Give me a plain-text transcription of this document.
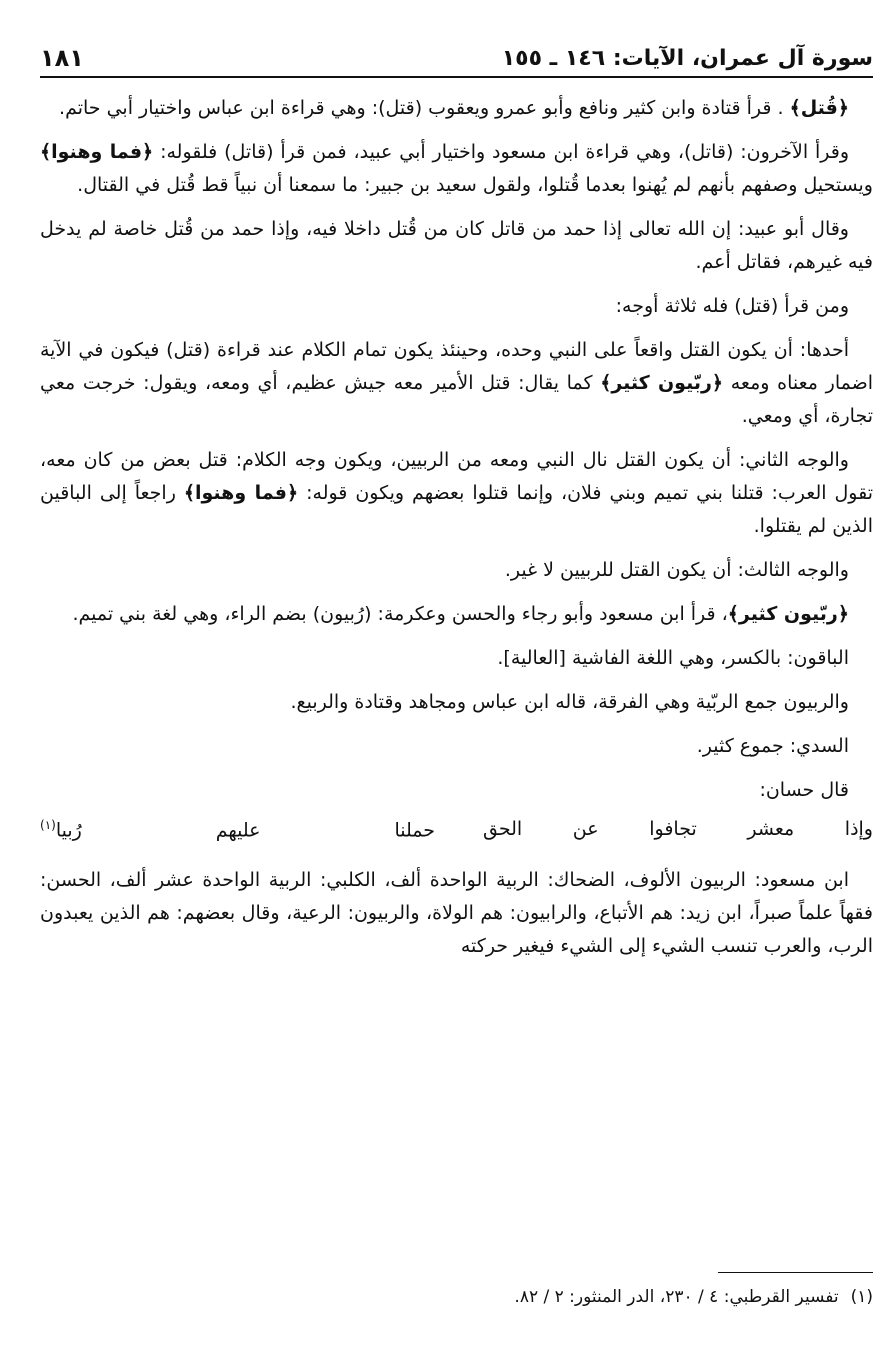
سورة آل عمران، الآيات: ١٤٦ ـ ١٥٥
١٨١

﴿قُتل﴾ . قرأ قتادة وابن كثير ونافع وأبو عمرو ويعقوب (قتل): وهي قراءة ابن عباس واختيار أبي حاتم.

وقرأ الآخرون: (قاتل)، وهي قراءة ابن مسعود واختيار أبي عبيد، فمن قرأ (قاتل) فلقوله: ﴿فما وهنوا﴾ ويستحيل وصفهم بأنهم لم يُهنوا بعدما قُتلوا، ولقول سعيد بن جبير: ما سمعنا أن نبياً قط قُتل في القتال.

وقال أبو عبيد: إن الله تعالى إذا حمد من قاتل كان من قُتل داخلا فيه، وإذا حمد من قُتل خاصة لم يدخل فيه غيرهم، فقاتل أعم.

ومن قرأ (قتل) فله ثلاثة أوجه:

أحدها: أن يكون القتل واقعاً على النبي وحده، وحينئذ يكون تمام الكلام عند قراءة (قتل) فيكون في الآية اضمار معناه ومعه ﴿ربّيون كثير﴾ كما يقال: قتل الأمير معه جيش عظيم، أي ومعه، ويقول: خرجت معي تجارة، أي ومعي.

والوجه الثاني: أن يكون القتل نال النبي ومعه من الربيين، ويكون وجه الكلام: قتل بعض من كان معه، تقول العرب: قتلنا بني تميم وبني فلان، وإنما قتلوا بعضهم ويكون قوله: ﴿فما وهنوا﴾ راجعاً إلى الباقين الذين لم يقتلوا.

والوجه الثالث: أن يكون القتل للربيين لا غير.

﴿ربّيون كثير﴾، قرأ ابن مسعود وأبو رجاء والحسن وعكرمة: (رُبيون) بضم الراء، وهي لغة بني تميم.

الباقون: بالكسر، وهي اللغة الفاشية [العالية].

والربيون جمع الربّية وهي الفرقة، قاله ابن عباس ومجاهد وقتادة والربيع.

السدي: جموع كثير.

قال حسان:

وإذا معشر تجافوا عن الحق
حملنا عليهم رُبيا$^{(١)}$

ابن مسعود: الربيون الألوف، الضحاك: الربية الواحدة ألف، الكلبي: الربية الواحدة عشر ألف، الحسن: فقهاً علماً صبراً، ابن زيد: هم الأتباع، والرابيون: هم الولاة، والربيون: الرعية، وقال بعضهم: هم الذين يعبدون الرب، والعرب تنسب الشيء إلى الشيء فيغير حركته

(١)تفسير القرطبي: ٤ / ٢٣٠، الدر المنثور: ٢ / ٨٢.
